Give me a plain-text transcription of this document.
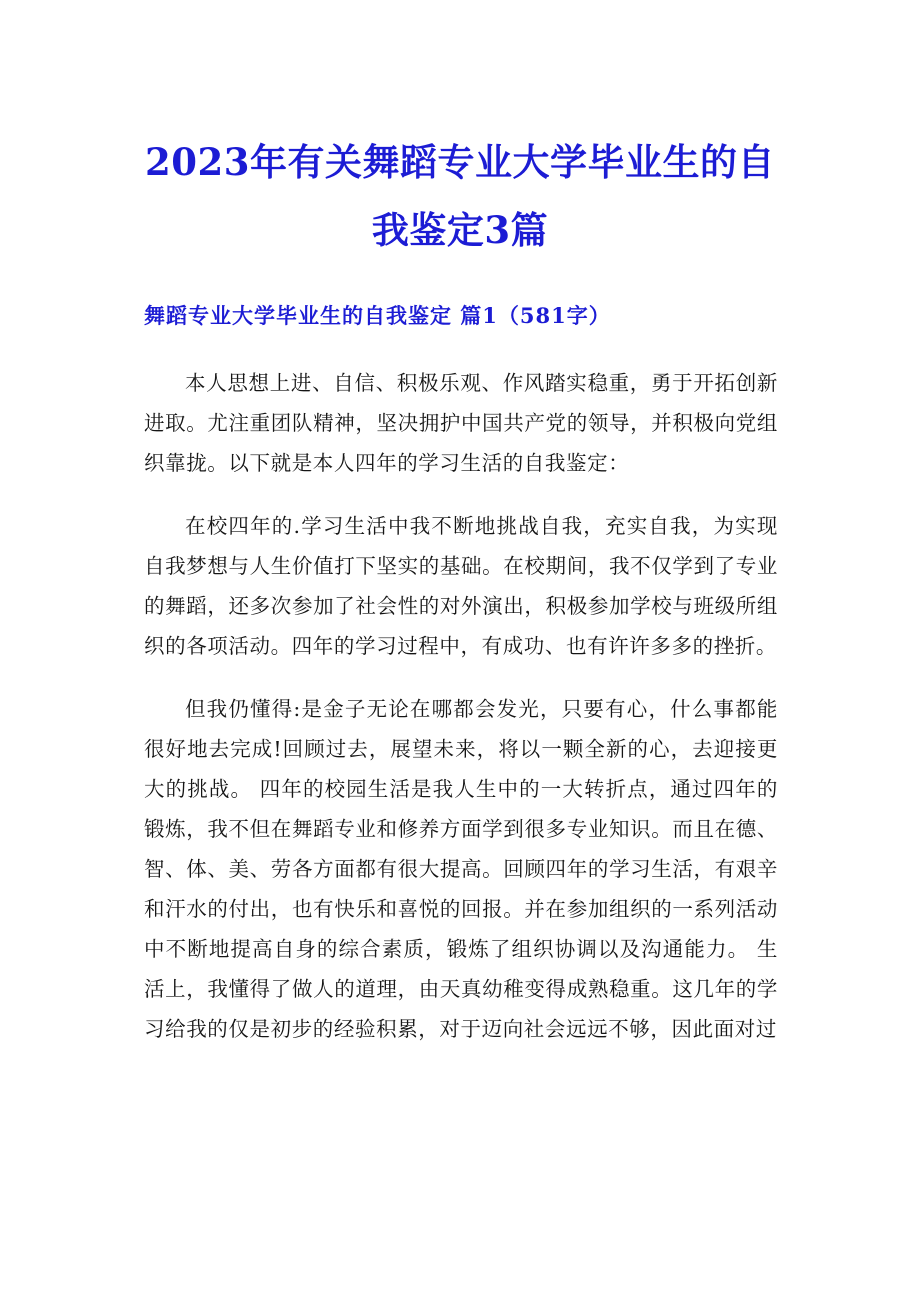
2023年有关舞蹈专业大学毕业生的自我鉴定3篇
舞蹈专业大学毕业生的自我鉴定 篇1（581字）

本人思想上进、自信、积极乐观、作风踏实稳重，勇于开拓创新进取。尤注重团队精神，坚决拥护中国共产党的领导，并积极向党组织靠拢。以下就是本人四年的学习生活的自我鉴定：

在校四年的.学习生活中我不断地挑战自我，充实自我，为实现自我梦想与人生价值打下坚实的基础。在校期间，我不仅学到了专业的舞蹈，还多次参加了社会性的对外演出，积极参加学校与班级所组织的各项活动。四年的学习过程中，有成功、也有许许多多的挫折。

但我仍懂得:是金子无论在哪都会发光，只要有心，什么事都能很好地去完成!回顾过去，展望未来，将以一颗全新的心，去迎接更大的挑战。 四年的校园生活是我人生中的一大转折点，通过四年的锻炼，我不但在舞蹈专业和修养方面学到很多专业知识。而且在德、智、体、美、劳各方面都有很大提高。回顾四年的学习生活，有艰辛和汗水的付出，也有快乐和喜悦的回报。并在参加组织的一系列活动中不断地提高自身的综合素质，锻炼了组织协调以及沟通能力。 生活上，我懂得了做人的道理，由天真幼稚变得成熟稳重。这几年的学习给我的仅是初步的经验积累，对于迈向社会远远不够，因此面对过
